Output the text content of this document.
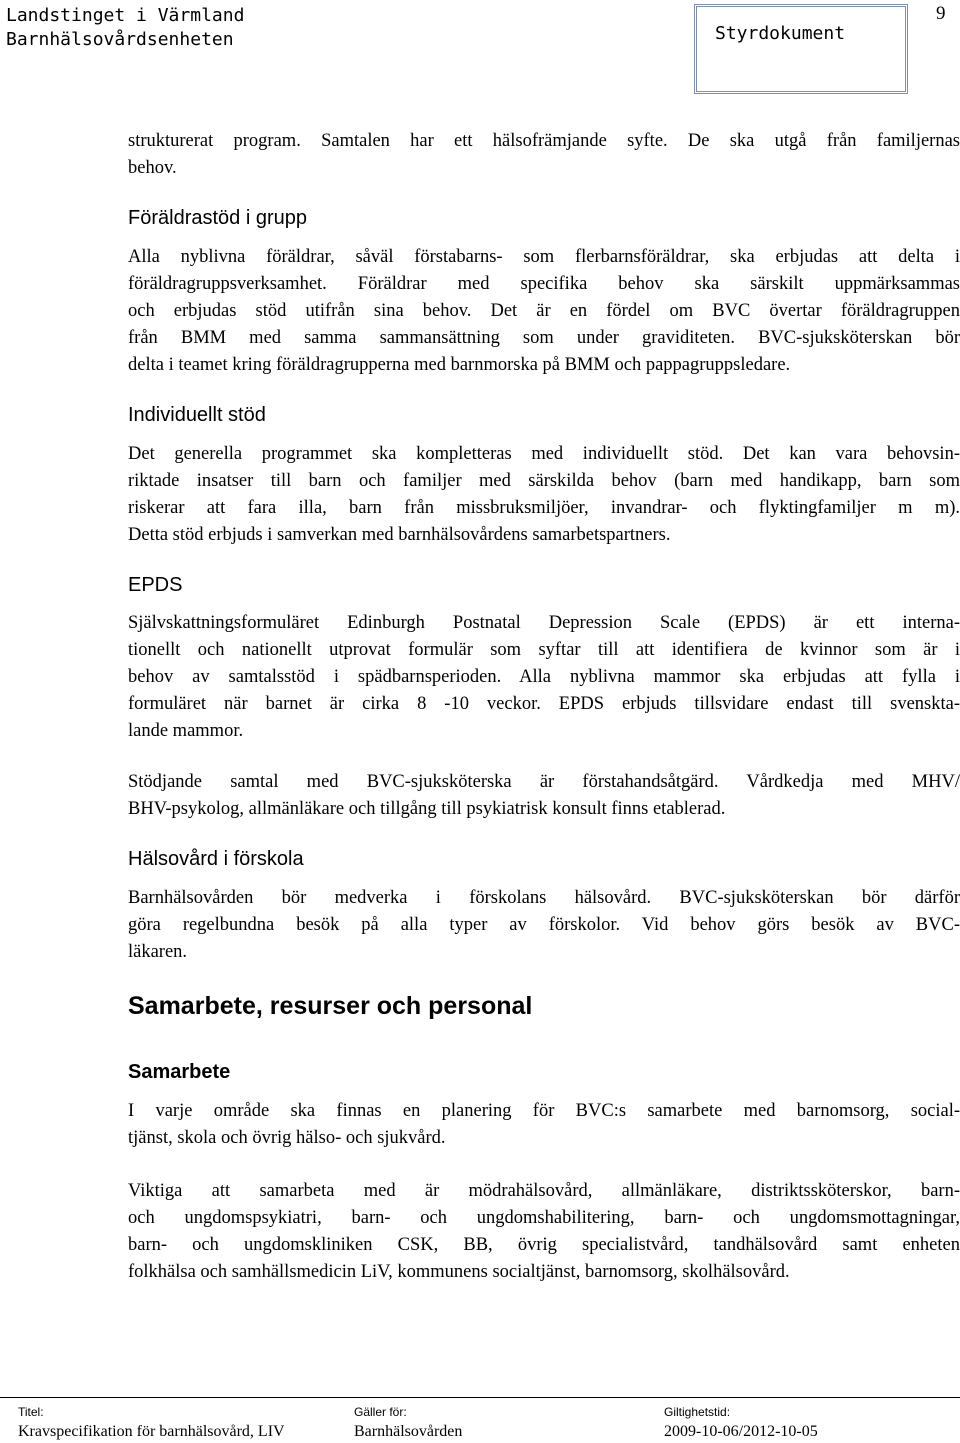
Landstinget i Värmland
Barnhälsovårdsenheten	Styrdokument
9
strukturerat program. Samtalen har ett hälsofrämjande syfte. De ska utgå från familjernas
behov.
Föräldrastöd i grupp
Alla nyblivna föräldrar, såväl förstabarns- som flerbarnsföräldrar, ska erbjudas att delta i
föräldragruppsverksamhet. Föräldrar med specifika behov ska särskilt uppmärksammas
och erbjudas stöd utifrån sina behov. Det är en fördel om BVC övertar föräldragruppen
från BMM med samma sammansättning som under graviditeten. BVC-sjuksköterskan bör
delta i teamet kring föräldragrupperna med barnmorska på BMM och pappagruppsledare.
Individuellt stöd
Det generella programmet ska kompletteras med individuellt stöd. Det kan vara behovsin-
riktade insatser till barn och familjer med särskilda behov (barn med handikapp, barn som
riskerar att fara illa, barn från missbruksmiljöer, invandrar- och flyktingfamiljer m m).
Detta stöd erbjuds i samverkan med barnhälsovårdens samarbetspartners.
EPDS
Självskattningsformuläret Edinburgh Postnatal Depression Scale (EPDS) är ett interna-
tionellt och nationellt utprovat formulär som syftar till att identifiera de kvinnor som är i
behov av samtalsstöd i spädbarnsperioden. Alla nyblivna mammor ska erbjudas att fylla i
formuläret när barnet är cirka 8 -10 veckor. EPDS erbjuds tillsvidare endast till svenskta-
lande mammor.
Stödjande samtal med BVC-sjuksköterska är förstahandsåtgärd. Vårdkedja med MHV/
BHV-psykolog, allmänläkare och tillgång till psykiatrisk konsult finns etablerad.
Hälsovård i förskola
Barnhälsovården bör medverka i förskolans hälsovård. BVC-sjuksköterskan bör därför
göra regelbundna besök på alla typer av förskolor. Vid behov görs besök av BVC-
läkaren.
Samarbete, resurser och personal
Samarbete
I varje område ska finnas en planering för BVC:s samarbete med barnomsorg, social-
tjänst, skola och övrig hälso- och sjukvård.
Viktiga att samarbeta med är mödrahälsovård, allmänläkare, distriktssköterskor, barn-
och ungdomspsykiatri, barn- och ungdomshabilitering, barn- och ungdomsmottagningar,
barn- och ungdomskliniken CSK, BB, övrig specialistvård, tandhälsovård samt enheten
folkhälsa och samhällsmedicin LiV, kommunens socialtjänst, barnomsorg, skolhälsovård.
Titel:
Kravspecifikation för barnhälsovård, LIV
Gäller för:
Barnhälsovården
Giltighetstid:
2009-10-06/2012-10-05
